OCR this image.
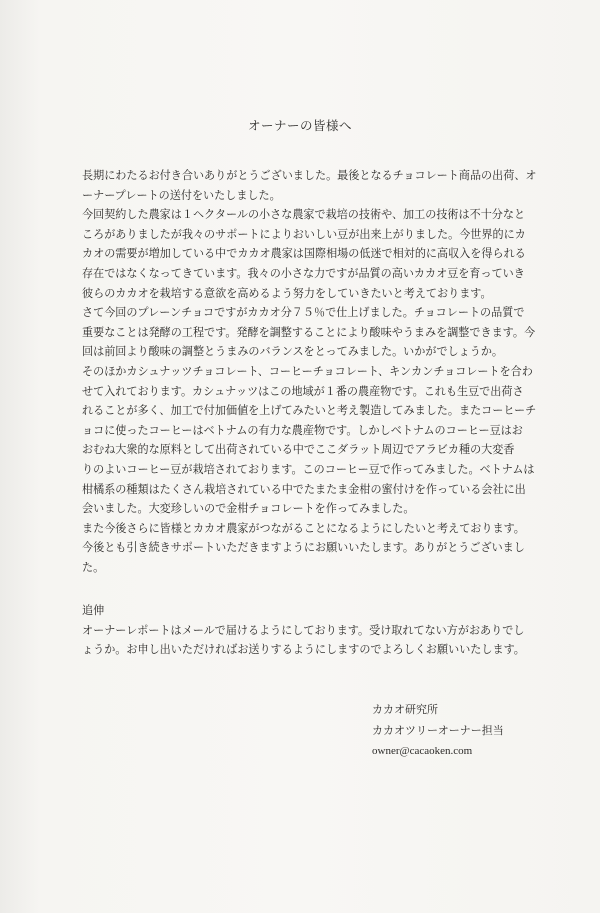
オーナーの皆様へ
長期にわたるお付き合いありがとうございました。最後となるチョコレート商品の出荷、オ
ーナープレートの送付をいたしました。
今回契約した農家は１ヘクタールの小さな農家で栽培の技術や、加工の技術は不十分なと
ころがありましたが我々のサポートによりおいしい豆が出来上がりました。今世界的にカ
カオの需要が増加している中でカカオ農家は国際相場の低迷で相対的に高収入を得られる
存在ではなくなってきています。我々の小さな力ですが品質の高いカカオ豆を育っていき
彼らのカカオを栽培する意欲を高めるよう努力をしていきたいと考えております。
さて今回のプレーンチョコですがカカオ分７５％で仕上げました。チョコレートの品質で
重要なことは発酵の工程です。発酵を調整することにより酸味やうまみを調整できます。今
回は前回より酸味の調整とうまみのバランスをとってみました。いかがでしょうか。
そのほかカシュナッツチョコレート、コーヒーチョコレート、キンカンチョコレートを合わ
せて入れております。カシュナッツはこの地域が１番の農産物です。これも生豆で出荷さ
れることが多く、加工で付加価値を上げてみたいと考え製造してみました。またコーヒーチ
ョコに使ったコーヒーはベトナムの有力な農産物です。しかしベトナムのコーヒー豆はお
おむね大衆的な原料として出荷されている中でここダラット周辺でアラビカ種の大変香
りのよいコーヒー豆が栽培されております。このコーヒー豆で作ってみました。ベトナムは
柑橘系の種類はたくさん栽培されている中でたまたま金柑の蜜付けを作っている会社に出
会いました。大変珍しいので金柑チョコレートを作ってみました。
また今後さらに皆様とカカオ農家がつながることになるようにしたいと考えております。
今後とも引き続きサポートいただきますようにお願いいたします。ありがとうございまし
た。
追伸
オーナーレポートはメールで届けるようにしております。受け取れてない方がおありでし
ょうか。お申し出いただければお送りするようにしますのでよろしくお願いいたします。
カカオ研究所
カカオツリーオーナー担当
owner@cacaoken.com
